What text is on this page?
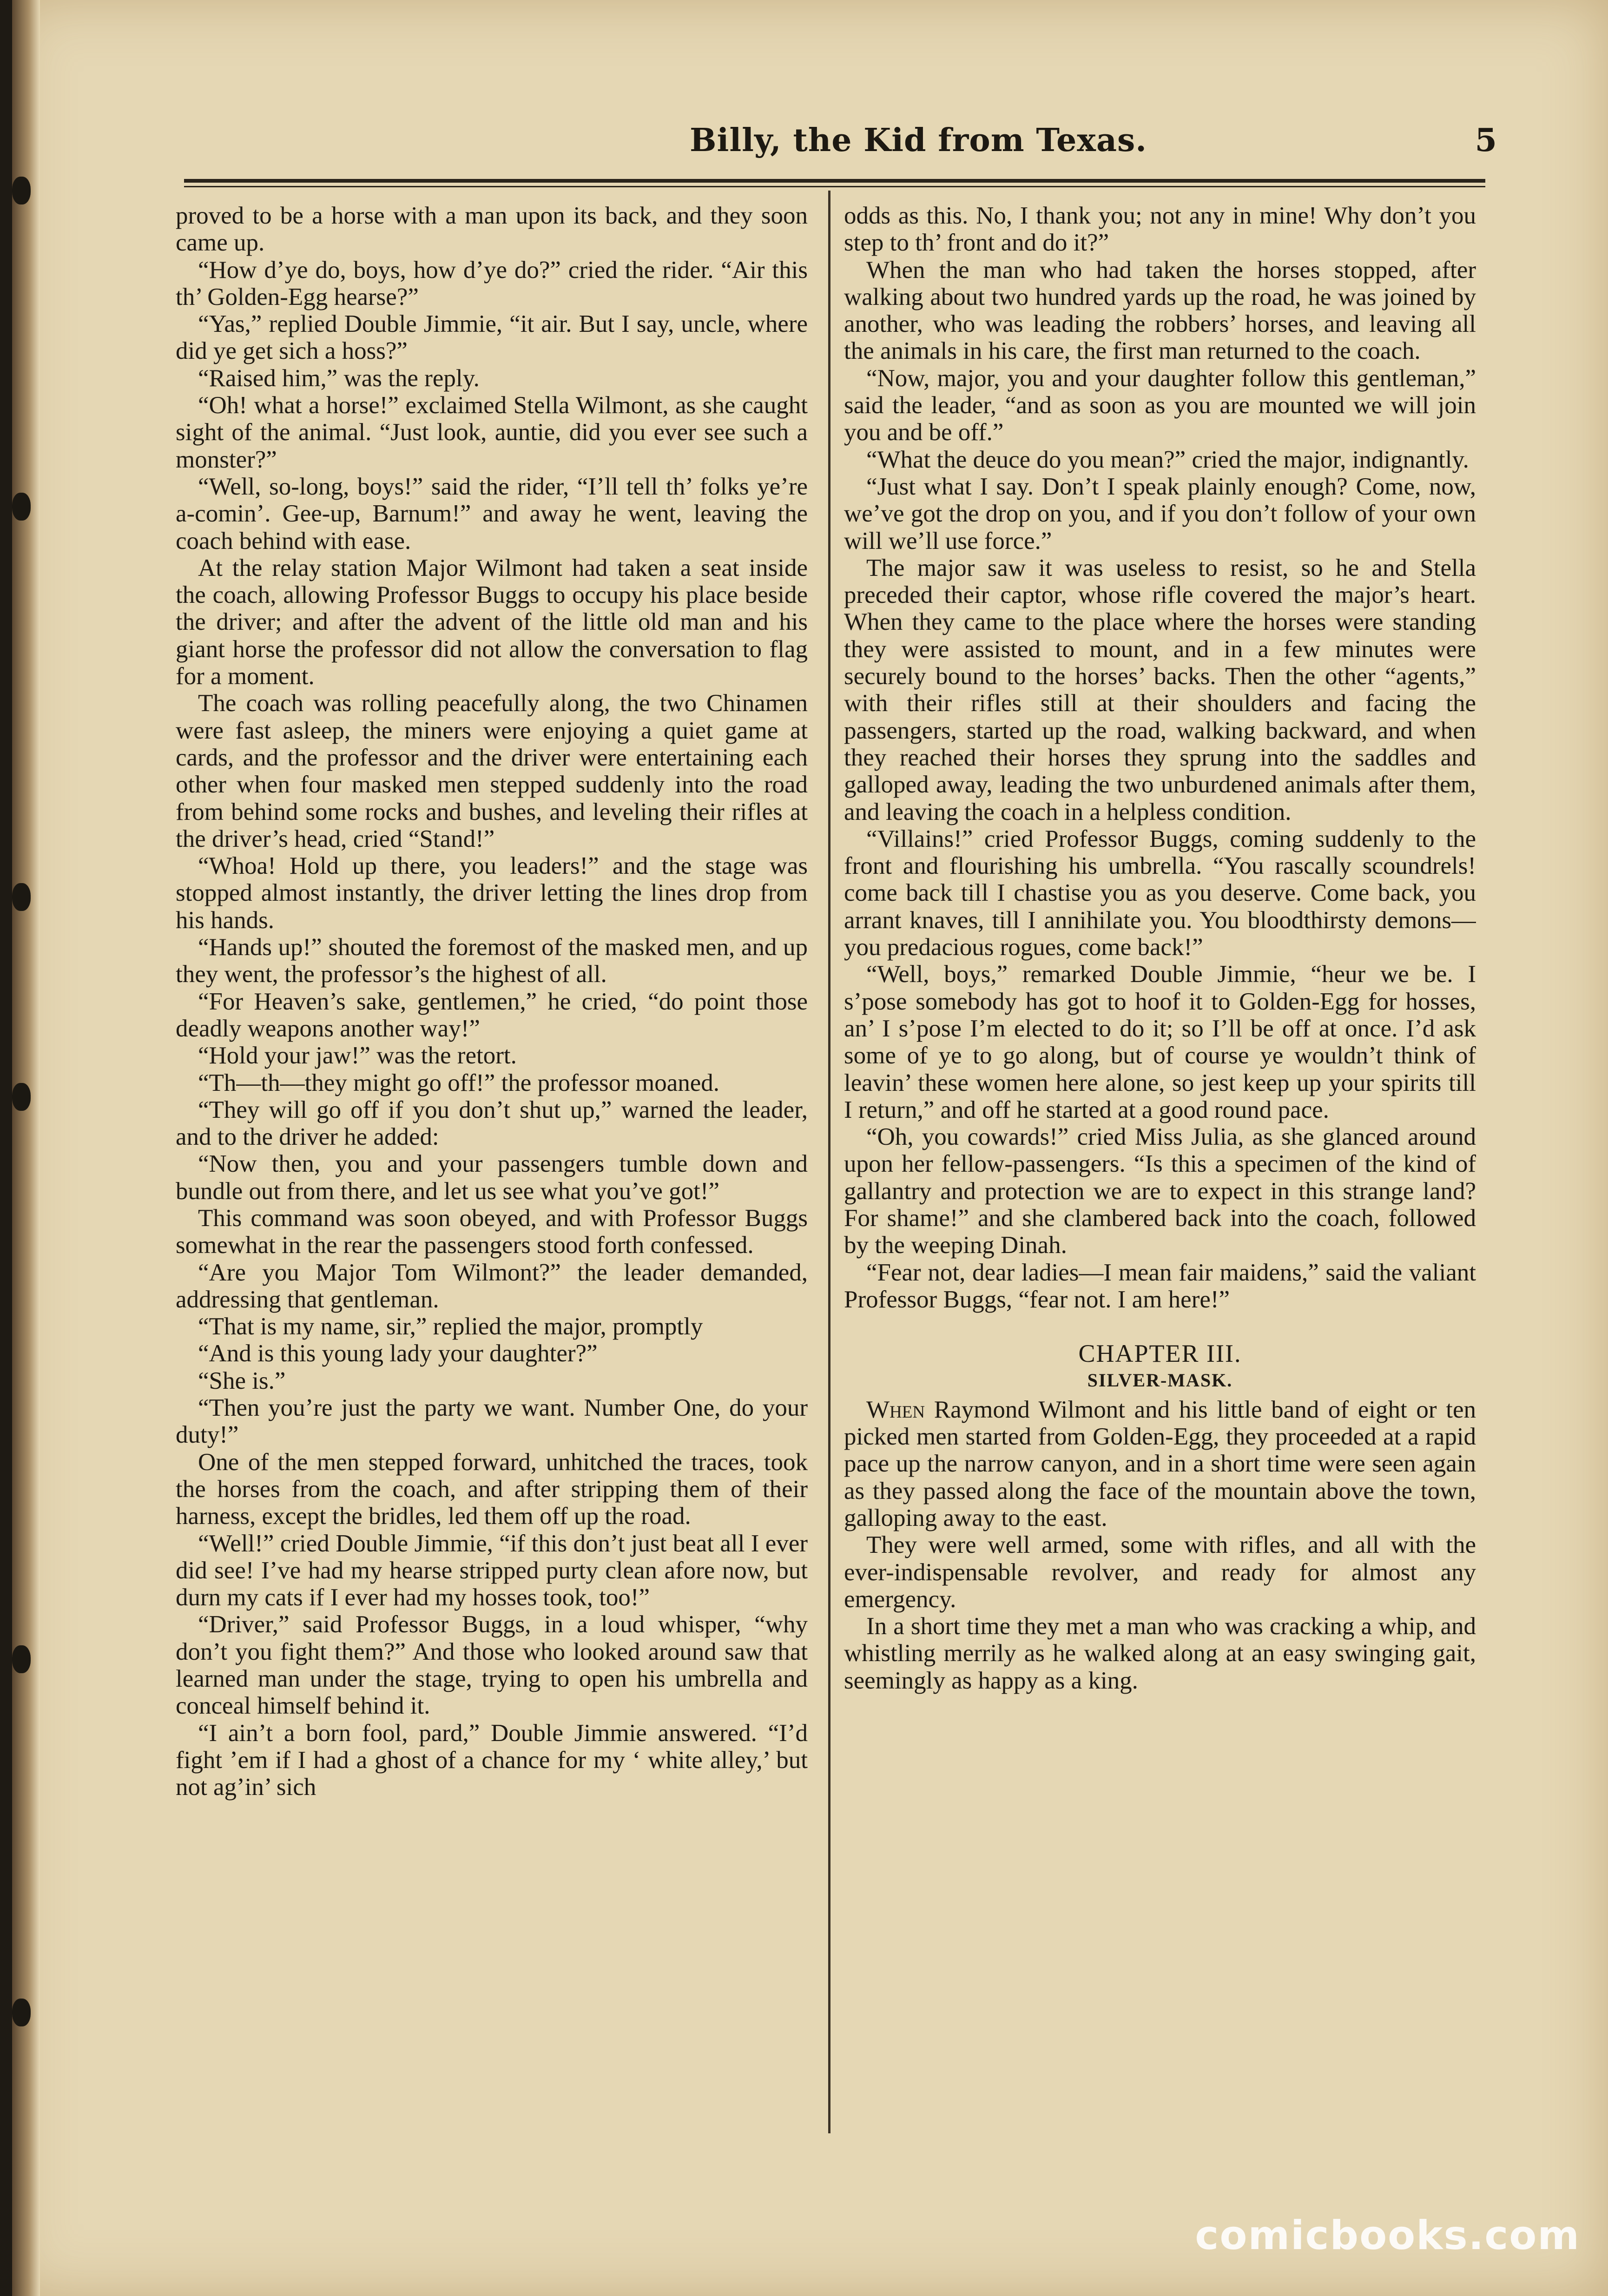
Billy, the Kid from Texas.	5

proved to be a horse with a man upon its back, and they soon came up.

“How d’ye do, boys, how d’ye do?” cried the rider. “Air this th’ Golden-Egg hearse?”

“Yas,” replied Double Jimmie, “it air. But I say, uncle, where did ye get sich a hoss?”

“Raised him,” was the reply.

“Oh! what a horse!” exclaimed Stella Wilmont, as she caught sight of the animal. “Just look, auntie, did you ever see such a monster?”

“Well, so-long, boys!” said the rider, “I’ll tell th’ folks ye’re a-comin’. Gee-up, Barnum!” and away he went, leaving the coach behind with ease.

At the relay station Major Wilmont had taken a seat inside the coach, allowing Professor Buggs to occupy his place beside the driver; and after the advent of the little old man and his giant horse the professor did not allow the conversation to flag for a moment.

The coach was rolling peacefully along, the two Chinamen were fast asleep, the miners were enjoying a quiet game at cards, and the professor and the driver were entertaining each other when four masked men stepped suddenly into the road from behind some rocks and bushes, and leveling their rifles at the driver’s head, cried “Stand!”

“Whoa! Hold up there, you leaders!” and the stage was stopped almost instantly, the driver letting the lines drop from his hands.

“Hands up!” shouted the foremost of the masked men, and up they went, the professor’s the highest of all.

“For Heaven’s sake, gentlemen,” he cried, “do point those deadly weapons another way!”

“Hold your jaw!” was the retort.

“Th—th—they might go off!” the professor moaned.

“They will go off if you don’t shut up,” warned the leader, and to the driver he added:

“Now then, you and your passengers tumble down and bundle out from there, and let us see what you’ve got!”

This command was soon obeyed, and with Professor Buggs somewhat in the rear the passengers stood forth confessed.

“Are you Major Tom Wilmont?” the leader demanded, addressing that gentleman.

“That is my name, sir,” replied the major, promptly

“And is this young lady your daughter?”

“She is.”

“Then you’re just the party we want. Number One, do your duty!”

One of the men stepped forward, unhitched the traces, took the horses from the coach, and after stripping them of their harness, except the bridles, led them off up the road.

“Well!” cried Double Jimmie, “if this don’t just beat all I ever did see! I’ve had my hearse stripped purty clean afore now, but durn my cats if I ever had my hosses took, too!”

“Driver,” said Professor Buggs, in a loud whisper, “why don’t you fight them?” And those who looked around saw that learned man under the stage, trying to open his umbrella and conceal himself behind it.

“I ain’t a born fool, pard,” Double Jimmie answered. “I’d fight ’em if I had a ghost of a chance for my ‘ white alley,’ but not ag’in’ sich

odds as this. No, I thank you; not any in mine! Why don’t you step to th’ front and do it?”

When the man who had taken the horses stopped, after walking about two hundred yards up the road, he was joined by another, who was leading the robbers’ horses, and leaving all the animals in his care, the first man returned to the coach.

“Now, major, you and your daughter follow this gentleman,” said the leader, “and as soon as you are mounted we will join you and be off.”

“What the deuce do you mean?” cried the major, indignantly.

“Just what I say. Don’t I speak plainly enough? Come, now, we’ve got the drop on you, and if you don’t follow of your own will we’ll use force.”

The major saw it was useless to resist, so he and Stella preceded their captor, whose rifle covered the major’s heart. When they came to the place where the horses were standing they were assisted to mount, and in a few minutes were securely bound to the horses’ backs. Then the other “agents,” with their rifles still at their shoulders and facing the passengers, started up the road, walking backward, and when they reached their horses they sprung into the saddles and galloped away, leading the two unburdened animals after them, and leaving the coach in a helpless condition.

“Villains!” cried Professor Buggs, coming suddenly to the front and flourishing his umbrella. “You rascally scoundrels! come back till I chastise you as you deserve. Come back, you arrant knaves, till I annihilate you. You bloodthirsty demons—you predacious rogues, come back!”

“Well, boys,” remarked Double Jimmie, “heur we be. I s’pose somebody has got to hoof it to Golden-Egg for hosses, an’ I s’pose I’m elected to do it; so I’ll be off at once. I’d ask some of ye to go along, but of course ye wouldn’t think of leavin’ these women here alone, so jest keep up your spirits till I return,” and off he started at a good round pace.

“Oh, you cowards!” cried Miss Julia, as she glanced around upon her fellow-passengers. “Is this a specimen of the kind of gallantry and protection we are to expect in this strange land? For shame!” and she clambered back into the coach, followed by the weeping Dinah.

“Fear not, dear ladies—I mean fair maidens,” said the valiant Professor Buggs, “fear not. I am here!”

CHAPTER III.
SILVER-MASK.

When Raymond Wilmont and his little band of eight or ten picked men started from Golden-Egg, they proceeded at a rapid pace up the narrow canyon, and in a short time were seen again as they passed along the face of the mountain above the town, galloping away to the east.

They were well armed, some with rifles, and all with the ever-indispensable revolver, and ready for almost any emergency.

In a short time they met a man who was cracking a whip, and whistling merrily as he walked along at an easy swinging gait, seemingly as happy as a king.

comicbooks.com
